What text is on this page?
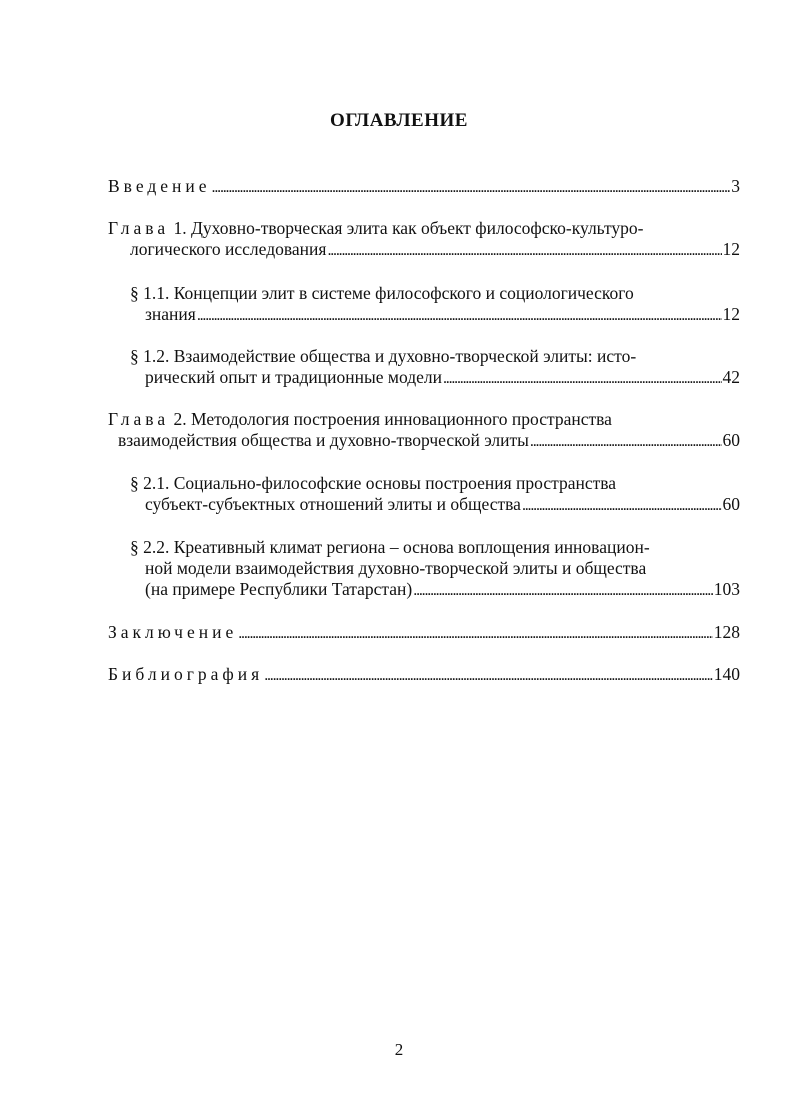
ОГЛАВЛЕНИЕ
Введение . . .	3
Глава 1. Духовно-творческая элита как объект философско-культуро-
логического исследования . . .	12
§ 1.1. Концепции элит в системе философского и социологического
знания . . .	12
§ 1.2. Взаимодействие общества и духовно-творческой элиты: исто-
рический опыт и традиционные модели . . .	42
Глава 2. Методология построения инновационного пространства
взаимодействия общества и духовно-творческой элиты . . .	60
§ 2.1. Социально-философские основы построения пространства
субъект-субъектных отношений элиты и общества . . .	60
§ 2.2. Креативный климат региона – основа воплощения инновацион-
ной модели взаимодействия духовно-творческой элиты и общества
(на примере Республики Татарстан) . . .	103
Заключение . . .	128
Библиография . . .	140
2
